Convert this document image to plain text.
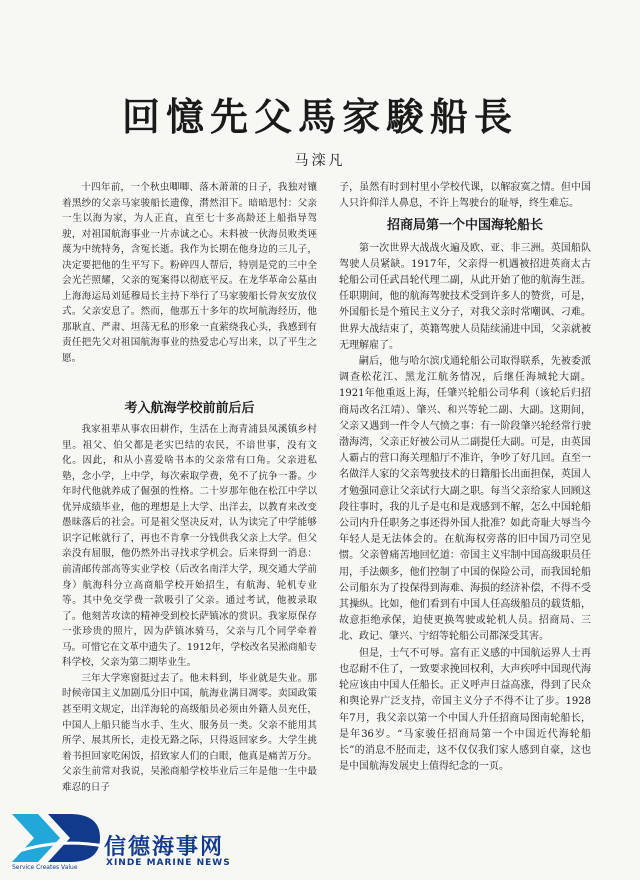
回憶先父馬家駿船長
马滦凡

十四年前，一个秋虫唧唧、落木萧萧的日子，我独对镶着黑纱的父亲马家骏船长遗像，潸然泪下。暗暗思忖：父亲一生以海为家，为人正直，直至七十多高龄还上船指导驾驶，对祖国航海事业一片赤诚之心。未料被一伙海员败类诬蔑为中统特务，含冤长逝。我作为长期在他身边的三儿子，决定要把他的生平写下。粉碎四人帮后，特别是党的三中全会光芒照耀，父亲的冤案得以彻底平反。在龙华革命公墓由上海海运局刘延穆局长主持下举行了马家骏船长骨灰安放仪式。父亲安息了。然而，他那五十多年的坎坷航海经历，他那耿直、严肃、坦荡无私的形象一直萦绕我心头，我感到有责任把先父对祖国航海事业的热爱忠心写出来，以了平生之愿。

考入航海学校前前后后

我家祖辈从事农田耕作，生活在上海青浦县凤溪镇乡村里。祖父、伯父都是老实巴结的农民，不谙世事，没有文化。因此，和从小喜爱啥书本的父亲常有口角。父亲进私塾，念小学，上中学，每次索取学费，免不了抗争一番。少年时代他就养成了倔强的性格。二十岁那年他在松江中学以优异成绩毕业，他的理想是上大学、出洋去，以教育来改变愚昧落后的社会。可是祖父坚决反对，认为读完了中学能够识字记帐就行了，再也不肯拿一分钱供我父亲上大学。但父亲没有屈服，他仍然外出寻找求学机会。后来得到一消息：前清邮传部高等实业学校（后改名南洋大学，现交通大学前身）航海科分立高商船学校开始招生，有航海、轮机专业等。其中免交学费一款吸引了父亲。通过考试，他被录取了。他刻苦攻读的精神受到校长萨镇冰的赏识。我家原保存一张珍贵的照片，因为萨镇冰骑马，父亲与几个同学牵着马。可惜它在文革中遗失了。1912年，学校改名吴淞商船专科学校，父亲为第二期毕业生。

三年大学寒窗挺过去了。他未料到，毕业就是失业。那时候帝国主义加剧瓜分旧中国，航海业满目凋零。卖国政策甚至明文规定，出洋海轮的高级船员必须由外籍人员充任，中国人上船只能当水手、生火、服务员一类。父亲不能用其所学、展其所长，走投无路之际，只得返回家乡。大学生挑着书担回家吃闲饭，招致家人们的白眼，他真是痛苦万分。父亲生前常对我说，吴淞商船学校毕业后三年是他一生中最难忍的日子

子，虽然有时到村里小学校代课，以解寂寞之情。但中国人只许仰洋人鼻息，不许上驾驶台的耻辱，终生难忘。

招商局第一个中国海轮船长

第一次世界大战战火遍及欧、亚、非三洲。英国船队驾驶人员紧缺。1917年，父亲得一机遇被招进英商太古轮船公司任武昌轮代理二副，从此开始了他的航海生涯。任职期间，他的航海驾驶技术受到许多人的赞赏，可是，外国船长是个殖民主义分子，对我父亲时常嘲讽、刁难。世界大战结束了，英籍驾驶人员陆续涌进中国，父亲就被无理解雇了。

嗣后，他与哈尔滨戊通轮船公司取得联系，先被委派调查松花江、黑龙江航务情况，后继任海城轮大副。1921年他重返上海，任肇兴轮船公司华利（该轮后归招商局改名江靖）、肇兴、和兴等轮二副、大副。这期间，父亲又遇到一件令人气愤之事：有一阶段肇兴轮经常行驶渤海湾，父亲正好被公司从二副提任大副。可是，由英国人霸占的营口海关理船厅不准许，争吵了好几回。直至一名做洋人家的父亲驾驶技术的日籍船长出面担保，英国人才勉强同意让父亲试行大副之职。每当父亲给家人回顾这段往事时，我的儿子是屯和是戏感到不解，怎么中国轮船公司内升任职务之事还得外国人批准？如此奇耻大辱当今年轻人是无法体会的。在航海权旁落的旧中国乃司空见惯。父亲曾痛苦地回忆道：帝国主义牢制中国高级职员任用，手法颇多，他们控制了中国的保险公司，而我国轮船公司船东为了投保得到海难、海损的经济补偿，不得不受其操纵。比如，他们看到有中国人任高级船员的载货船，故意拒绝承保，迫使更换驾驶或轮机人员。招商局、三北、政记、肇兴、宁绍等轮船公司都深受其害。

但是，士气不可辱。富有正义感的中国航运界人士再也忍耐不住了，一致要求挽回权利，大声疾呼中国现代海轮应该由中国人任船长。正义呼声日益高涨，得到了民众和舆论界广泛支持，帝国主义分子不得不让了步。1928年7月，我父亲以第一个中国人升任招商局图南轮船长，是年36岁。“马家骏任招商局第一个中国近代海轮船长”的消息不胫而走，这不仅仅我们家人感到自豪，这也是中国航海发展史上值得纪念的一页。

信德海事网
XINDE MARINE NEWS
Service Creates Value
